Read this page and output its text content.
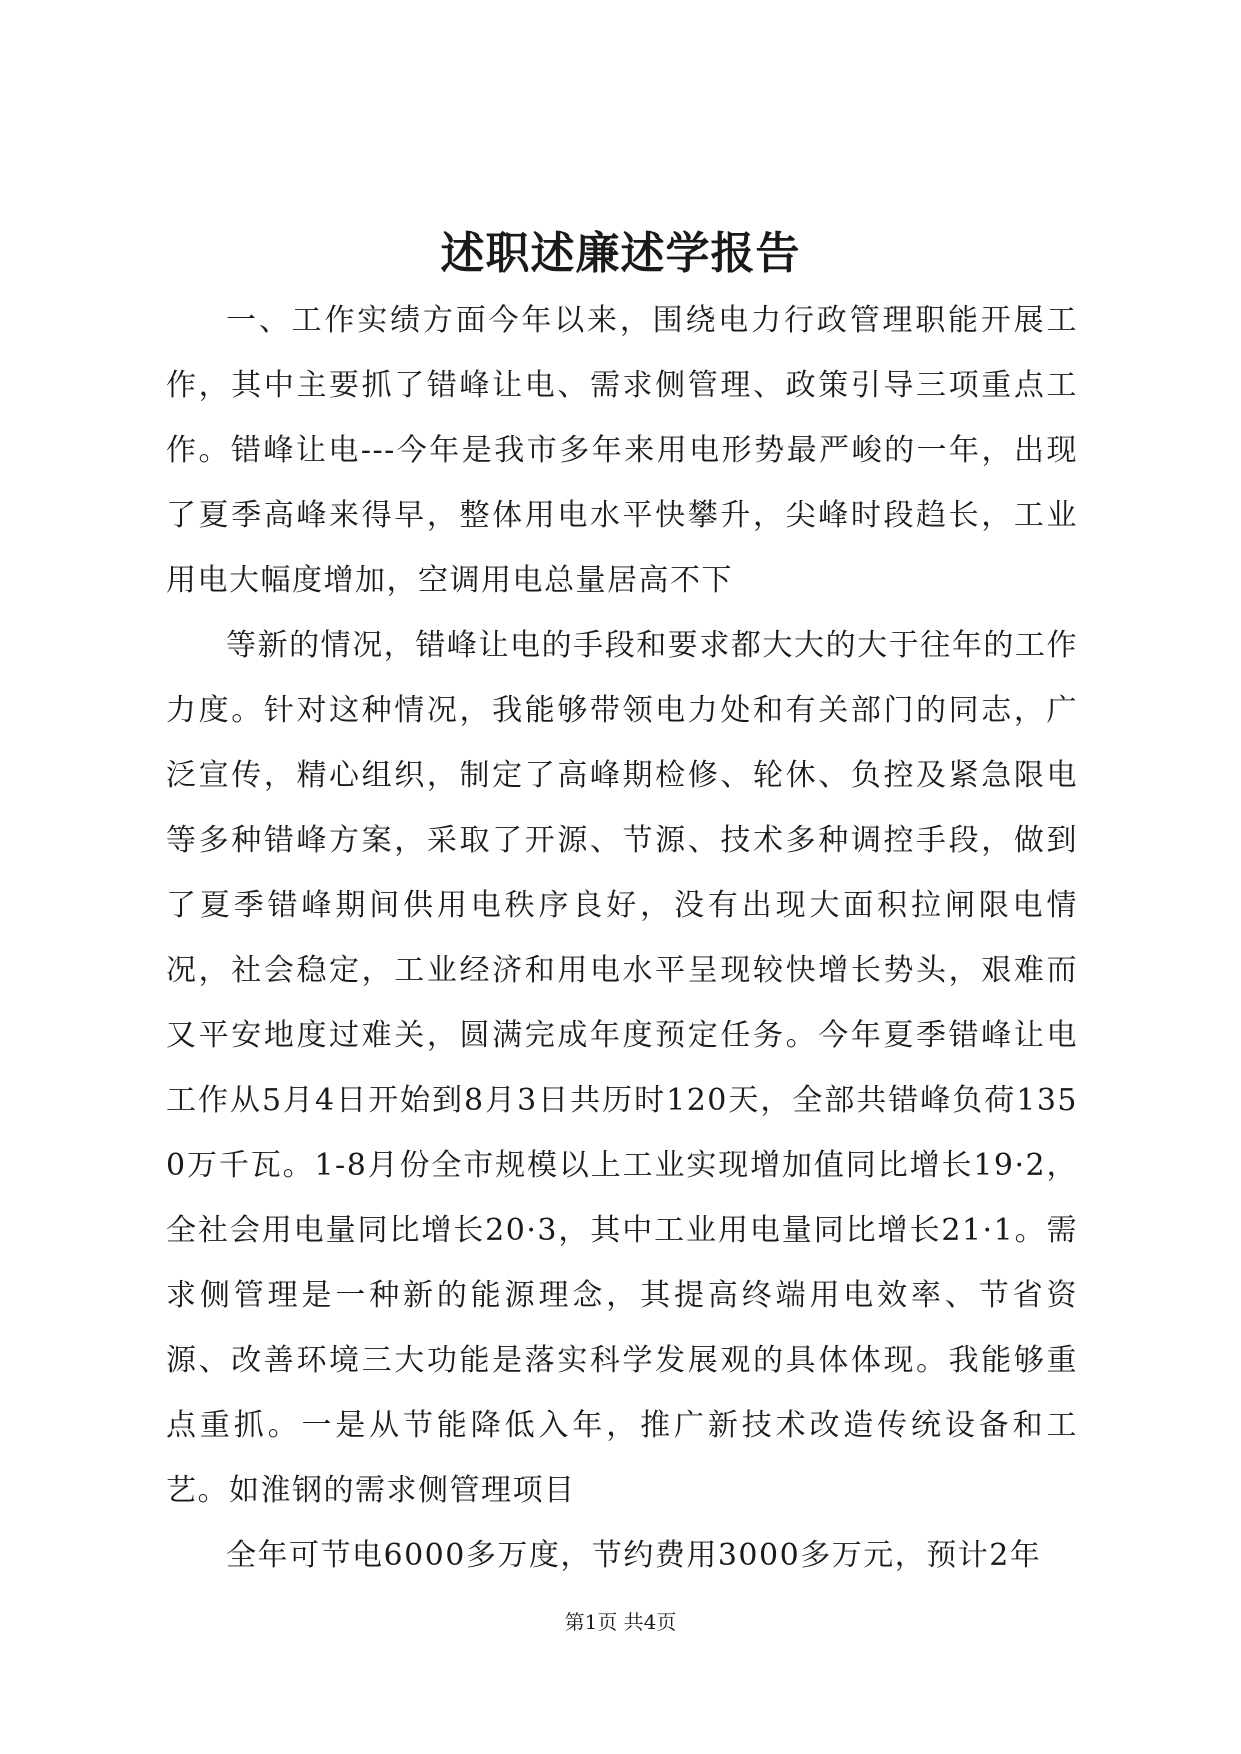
述职述廉述学报告

一、工作实绩方面今年以来，围绕电力行政管理职能开展工作，其中主要抓了错峰让电、需求侧管理、政策引导三项重点工作。错峰让电---今年是我市多年来用电形势最严峻的一年，出现了夏季高峰来得早，整体用电水平快攀升，尖峰时段趋长，工业用电大幅度增加，空调用电总量居高不下

等新的情况，错峰让电的手段和要求都大大的大于往年的工作力度。针对这种情况，我能够带领电力处和有关部门的同志，广泛宣传，精心组织，制定了高峰期检修、轮休、负控及紧急限电等多种错峰方案，采取了开源、节源、技术多种调控手段，做到了夏季错峰期间供用电秩序良好，没有出现大面积拉闸限电情况，社会稳定，工业经济和用电水平呈现较快增长势头，艰难而又平安地度过难关，圆满完成年度预定任务。今年夏季错峰让电工作从5月4日开始到8月3日共历时120天，全部共错峰负荷1350万千瓦。1-8月份全市规模以上工业实现增加值同比增长19·2，全社会用电量同比增长20·3，其中工业用电量同比增长21·1。需求侧管理是一种新的能源理念，其提高终端用电效率、节省资源、改善环境三大功能是落实科学发展观的具体体现。我能够重点重抓。一是从节能降低入年，推广新技术改造传统设备和工艺。如淮钢的需求侧管理项目

全年可节电6000多万度，节约费用3000多万元，预计2年

第1页 共4页
